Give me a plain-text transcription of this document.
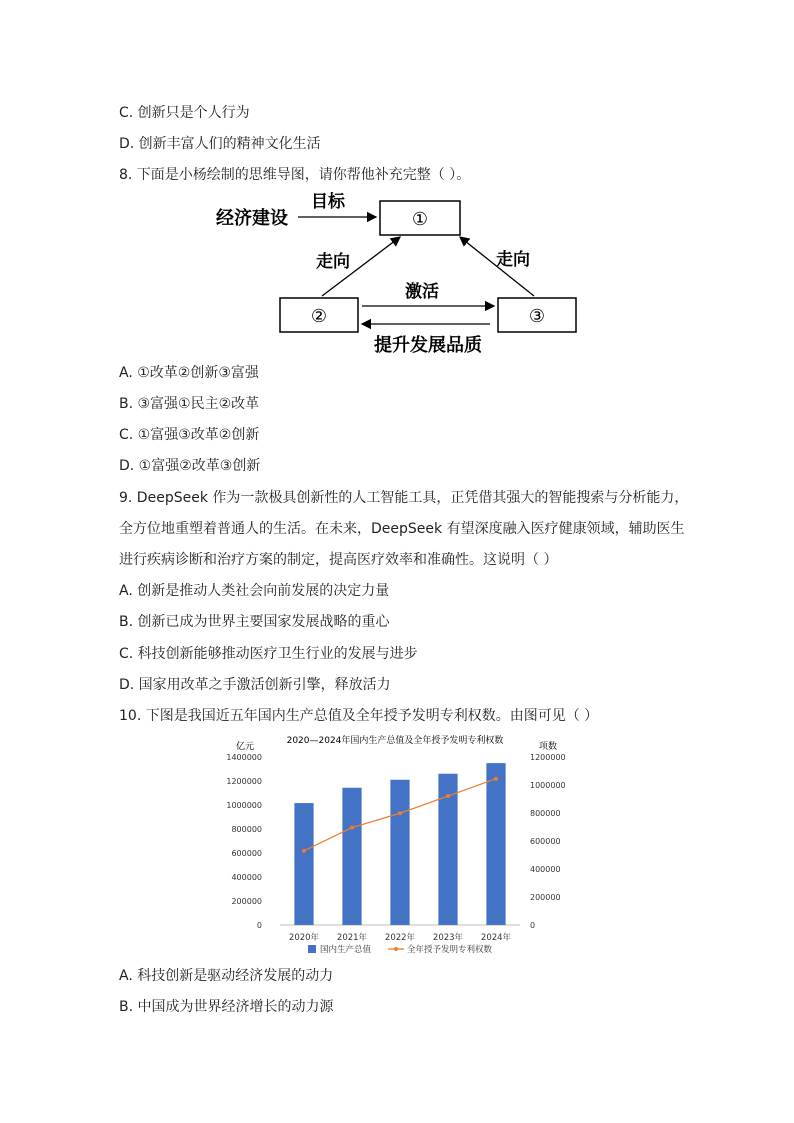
C. 创新只是个人行为
D. 创新丰富人们的精神文化生活
8. 下面是小杨绘制的思维导图，请你帮他补充完整（ ）。
①
②	③
经济建设
目标
走向	走向
激活
提升发展品质
A. ①改革②创新③富强
B. ③富强①民主②改革
C. ①富强③改革②创新
D. ①富强②改革③创新
9. DeepSeek 作为一款极具创新性的人工智能工具，正凭借其强大的智能搜索与分析能力，
全方位地重塑着普通人的生活。在未来，DeepSeek 有望深度融入医疗健康领域，辅助医生
进行疾病诊断和治疗方案的制定，提高医疗效率和准确性。这说明（ ）
A. 创新是推动人类社会向前发展的决定力量
B. 创新已成为世界主要国家发展战略的重心
C. 科技创新能够推动医疗卫生行业的发展与进步
D. 国家用改革之手激活创新引擎，释放活力
10. 下图是我国近五年国内生产总值及全年授予发明专利权数。由图可见（ ）
2020—2024年国内生产总值及全年授予发明专利权数
亿元	项数
0
200000
400000
600000
800000
1000000
1200000
1400000
0
200000
400000
600000
800000
1000000
1200000
2020年 2021年 2022年 2023年 2024年
国内生产总值	全年授予发明专利权数
A. 科技创新是驱动经济发展的动力
B. 中国成为世界经济增长的动力源
